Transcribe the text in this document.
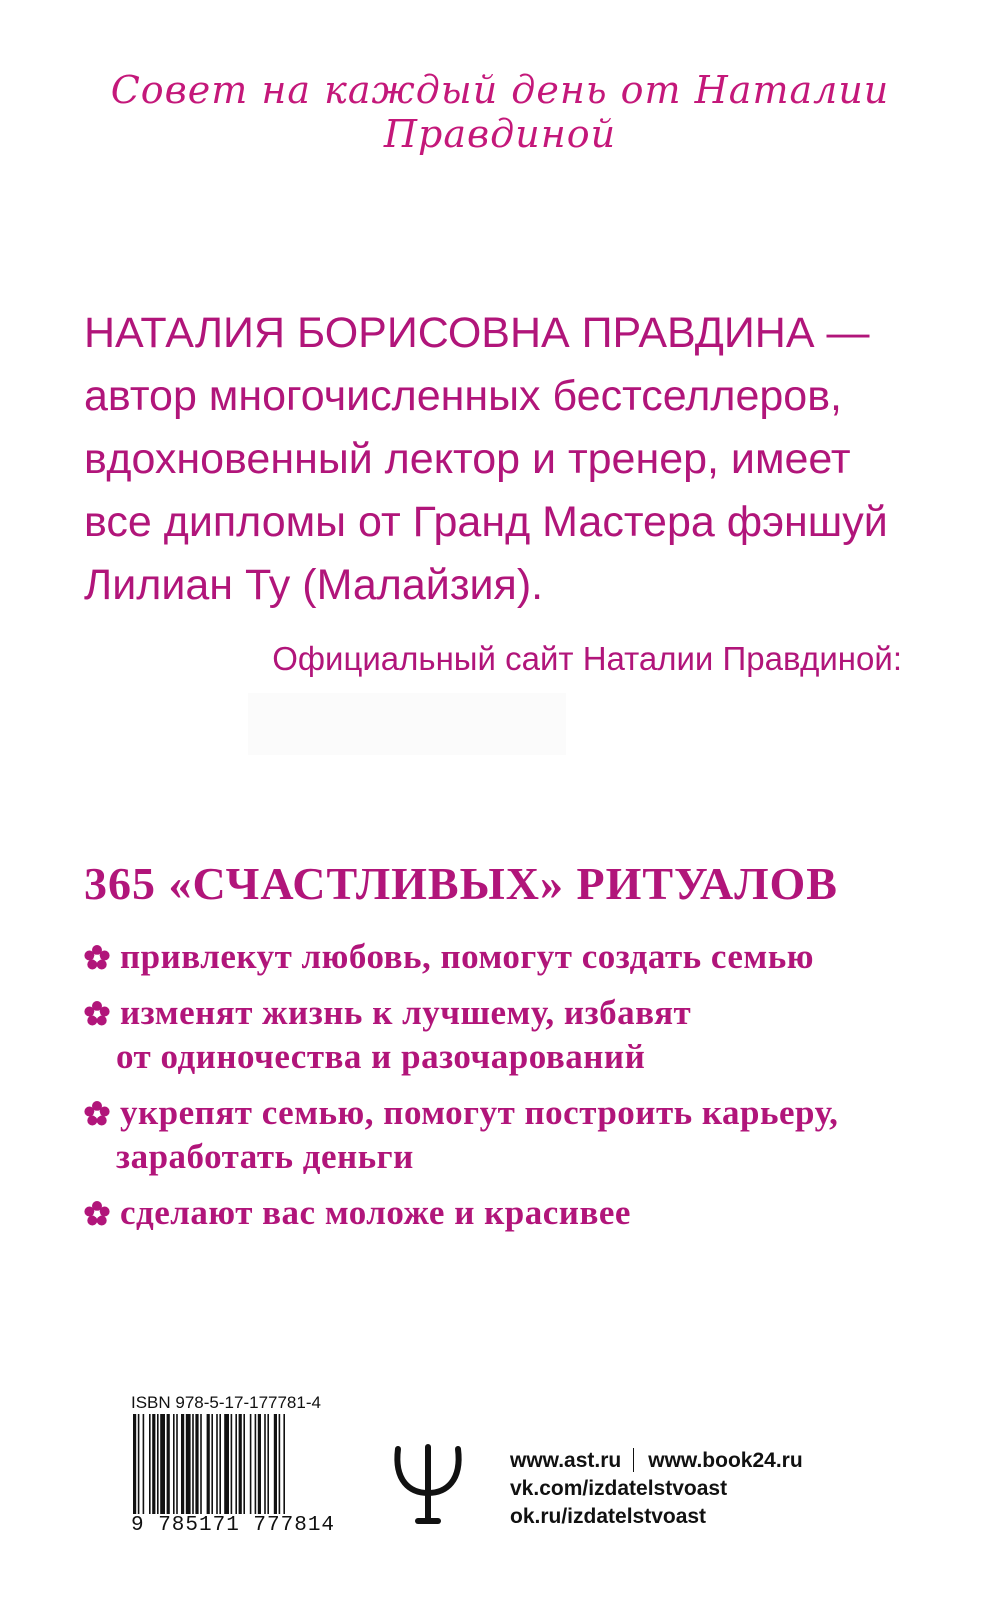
Совет на каждый день от Наталии Правдиной
НАТАЛИЯ БОРИСОВНА ПРАВДИНА —
автор многочисленных бестселлеров,
вдохновенный лектор и тренер, имеет
все дипломы от Гранд Мастера фэншуй
Лилиан Ту (Малайзия).
Официальный сайт Наталии Правдиной:
365 «СЧАСТЛИВЫХ» РИТУАЛОВ
привлекут любовь, помогут создать семью
изменят жизнь к лучшему, избавят
от одиночества и разочарований
укрепят семью, помогут построить карьеру,
заработать деньги
сделают вас моложе и красивее
ISBN 978-5-17-177781-4
9 785171 777814
www.ast.ru www.book24.ru
vk.com/izdatelstvoast
ok.ru/izdatelstvoast
